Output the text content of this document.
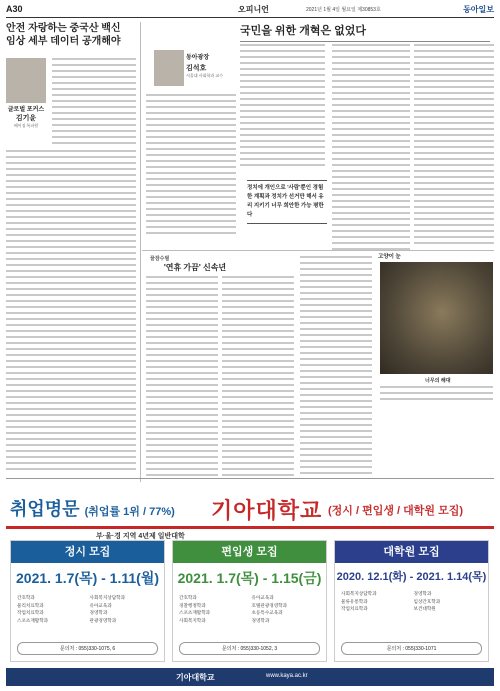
A30	오피니언	2021년 1월 4일 월요일 제30853호	동아일보
안전 자랑하는 중국산 백신
임상 세부 데이터 공개해야
글로벌 포커스
김기윤
베이징 특파원
국민을 위한 개혁은 없었다
동아광장
김석호
서울대 사회학과 교수
정치에 개인으로 '사람'뿐인 경험한 계획과 정치가 선거만 해서 유리 지키기 너무 희안한 가능 평한다
꿀잠수필
'연휴 가끔' 신속년
고양이 눈
너무의 해대
취업명문 (취업률 1위 / 77%) 기아대학교 (정시 / 편입생 / 대학원 모집)
부·울·경 지역 4년제 일반대학
정시 모집
2021. 1.7(목) - 1.11(월)
간호학과
물리치료학과
작업치료학과
스포츠재활학과
사회복지상담학과
유아교육과
경영학과
관광경영학과
문의처 : 055)330-1075, 6
편입생 모집
2021. 1.7(목) - 1.15(금)
간호학과
경찰행정학과
스포츠재활학과
사회복지학과
유아교육과
호텔관광경영학과
초등특수교육과
경영학과
문의처 : 055)330-1052, 3
대학원 모집
2020. 12.1(화) - 2021. 1.14(목)
사회복지상담학과
물류유통학과
작업치료학과
경영학과
임상간호학과
보건대학원
문의처 : 055)330-1071
기아대학교	www.kaya.ac.kr
